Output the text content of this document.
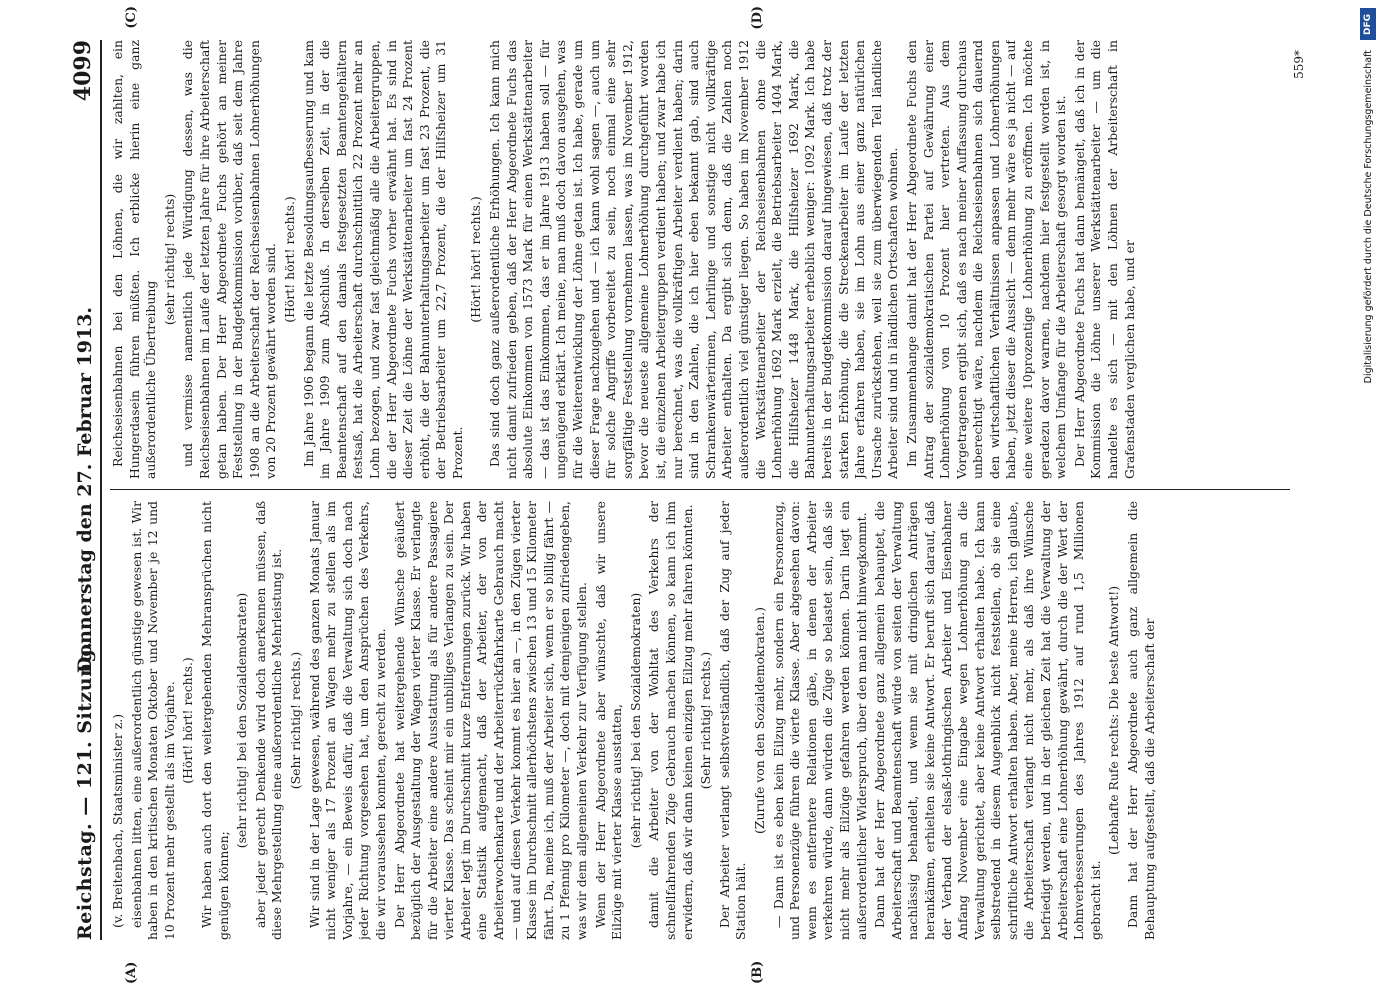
Reichstag. — 121. Sitzung.
Donnerstag den 27. Februar 1913.
4099
(A)	(B)
(C)	(D)

(v. Breitenbach, Staatsminister z.) eisenbahnen litten, eine außerordentlich günstige gewesen ist. Wir haben in den kritischen Monaten Oktober und November je 12 und 10 Prozent mehr gestellt als im Vorjahre. (Hört! hört! rechts.) Wir haben auch dort den weitergehenden Mehransprüchen nicht genügen können;

(sehr richtig! bei den Sozialdemokraten) aber jeder gerecht Denkende wird doch anerkennen müssen, daß diese Mehrgestellung eine außerordentliche Mehrleistung ist. (Sehr richtig! rechts.) Wir sind in der Lage gewesen, während des ganzen Monats Januar nicht weniger als 17 Prozent an Wagen mehr zu stellen als im Vorjahre, — ein Beweis dafür, daß die Verwaltung sich doch nach jeder Richtung vorgesehen hat, um den Ansprüchen des Verkehrs, die wir voraussehen konnten, gerecht zu werden. Der Herr Abgeordnete hat weitergehende Wünsche geäußert bezüglich der Ausgestaltung der Wagen vierter Klasse. Er verlangte für die Arbeiter eine andere Ausstattung als für andere Passagiere vierter Klasse. Das scheint mir ein unbilliges Verlangen zu sein. Der Arbeiter legt im Durchschnitt kurze Entfernungen zurück. Wir haben eine Statistik aufgemacht, daß der Arbeiter, der von der Arbeiterwochenkarte und der Arbeiterrückfahrkarte Gebrauch macht — und auf diesen Verkehr kommt es hier an —, in den Zügen vierter Klasse im Durchschnitt allerhöchstens zwischen 13 und 15 Kilometer fährt. Da, meine ich, muß der Arbeiter sich, wenn er so billig fährt — zu 1 Pfennig pro Kilometer —, doch mit demjenigen zufriedengeben, was wir dem allgemeinen Verkehr zur Verfügung stellen. Wenn der Herr Abgeordnete aber wünschte, daß wir unsere Eilzüge mit vierter Klasse ausstatten, (sehr richtig! bei den Sozialdemokraten) damit die Arbeiter von der Wohltat des Verkehrs der schnellfahrenden Züge Gebrauch machen können, so kann ich ihm erwidern, daß wir dann keinen einzigen Eilzug mehr fahren könnten. (Sehr richtig! rechts.) Der Arbeiter verlangt selbstverständlich, daß der Zug auf jeder Station hält.

(Zurufe von den Sozialdemokraten.) — Dann ist es eben kein Eilzug mehr, sondern ein Personenzug, und Personenzüge führen die vierte Klasse. Aber abgesehen davon: wenn es entferntere Relationen gäbe, in denen der Arbeiter verkehren würde, dann würden die Züge so belastet sein, daß sie nicht mehr als Eilzüge gefahren werden können. Darin liegt ein außerordentlicher Widerspruch, über den man nicht hinwegkommt. Dann hat der Herr Abgeordnete ganz allgemein behauptet, die Arbeiterschaft und Beamtenschaft würde von seiten der Verwaltung nachlässig behandelt, und wenn sie mit dringlichen Anträgen herankämen, erhielten sie keine Antwort. Er beruft sich darauf, daß der Verband der elsaß-lothringischen Arbeiter und Eisenbahner Anfang November eine Eingabe wegen Lohnerhöhung an die Verwaltung gerichtet, aber keine Antwort erhalten habe. Ich kann selbstredend in diesem Augenblick nicht feststellen, ob sie eine schriftliche Antwort erhalten haben. Aber, meine Herren, ich glaube, die Arbeiterschaft verlangt nicht mehr, als daß ihre Wünsche befriedigt werden, und in der gleichen Zeit hat die Verwaltung der Arbeiterschaft eine Lohnerhöhung gewährt, durch die der Wert der Lohnverbesserungen des Jahres 1912 auf rund 1,5 Millionen gebracht ist.

(Lebhafte Rufe rechts: Die beste Antwort!) Dann hat der Herr Abgeordnete auch ganz allgemein die Behauptung aufgestellt, daß die Arbeiterschaft der

Reichseisenbahnen bei den Löhnen, die wir zahlten, ein Hungerdasein führen müßten. Ich erblicke hierin eine ganz außerordentliche Übertreibung

(sehr richtig! rechts) und vermisse namentlich jede Würdigung dessen, was die Reichseisenbahnen im Laufe der letzten Jahre für ihre Arbeiterschaft getan haben. Der Herr Abgeordnete Fuchs gehört an meiner Feststellung in der Budgetkommission vorüber, daß seit dem Jahre 1908 an die Arbeiterschaft der Reichseisenbahnen Lohnerhöhungen von 20 Prozent gewährt worden sind. (Hört! hört! rechts.) Im Jahre 1906 begann die letzte Besoldungsaufbesserung und kam im Jahre 1909 zum Abschluß. In derselben Zeit, in der die Beamtenschaft auf den damals festgesetzten Beamtengehältern festsaß, hat die Arbeiterschaft durchschnittlich 22 Prozent mehr an Lohn bezogen, und zwar fast gleichmäßig alle die Arbeitergruppen, die der Herr Abgeordnete Fuchs vorher erwähnt hat. Es sind in dieser Zeit die Löhne der Werkstättenarbeiter um fast 24 Prozent erhöht, die der Bahnunterhaltungsarbeiter um fast 23 Prozent, die der Betriebsarbeiter um 22,7 Prozent, die der Hilfsheizer um 31 Prozent.

(Hört! hört! rechts.) Das sind doch ganz außerordentliche Erhöhungen. Ich kann mich nicht damit zufrieden geben, daß der Herr Abgeordnete Fuchs das absolute Einkommen von 1573 Mark für einen Werkstättenarbeiter — das ist das Einkommen, das er im Jahre 1913 haben soll — für ungenügend erklärt. Ich meine, man muß doch davon ausgehen, was für die Weiterentwicklung der Löhne getan ist. Ich habe, gerade um dieser Frage nachzugehen und — ich kann wohl sagen —, auch um für solche Angriffe vorbereitet zu sein, noch einmal eine sehr sorgfältige Feststellung vornehmen lassen, was im November 1912, bevor die neueste allgemeine Lohnerhöhung durchgeführt worden ist, die einzelnen Arbeitergruppen verdient haben; und zwar habe ich nur berechnet, was die vollkräftigen Arbeiter verdient haben; darin sind in den Zahlen, die ich hier eben bekannt gab, sind auch Schrankenwärterinnen, Lehrlinge und sonstige nicht vollkräftige Arbeiter enthalten. Da ergibt sich denn, daß die Zahlen noch außerordentlich viel günstiger liegen. So haben im November 1912 die Werkstättenarbeiter der Reichseisenbahnen ohne die Lohnerhöhung 1692 Mark erzielt, die Betriebsarbeiter 1404 Mark, die Hilfsheizer 1448 Mark, die Hilfsheizer 1692 Mark, die Bahnunterhaltungsarbeiter erheblich weniger: 1092 Mark. Ich habe bereits in der Budgetkommission darauf hingewiesen, daß trotz der starken Erhöhung, die die Streckenarbeiter im Laufe der letzten Jahre erfahren haben, sie im Lohn aus einer ganz natürlichen Ursache zurückstehen, weil sie zum überwiegenden Teil ländliche Arbeiter sind und in ländlichen Ortschaften wohnen. Im Zusammenhange damit hat der Herr Abgeordnete Fuchs den Antrag der sozialdemokratischen Partei auf Gewährung einer Lohnerhöhung von 10 Prozent hier vertreten. Aus dem Vorgetragenen ergibt sich, daß es nach meiner Auffassung durchaus unberechtigt wäre, nachdem die Reichseisenbahnen sich dauernd den wirtschaftlichen Verhältnissen anpassen und Lohnerhöhungen haben, jetzt dieser die Aussicht — denn mehr wäre es ja nicht — auf eine weitere 10prozentige Lohnerhöhung zu eröffnen. Ich möchte geradezu davor warnen, nachdem hier festgestellt worden ist, in welchem Umfange für die Arbeiterschaft gesorgt worden ist. Der Herr Abgeordnete Fuchs hat dann bemängelt, daß ich in der Kommission die Löhne unserer Werkstättenarbeiter — um die handelte es sich — mit den Löhnen der Arbeiterschaft in Grafenstaden verglichen habe, und er

559*
DFG
Digitalisierung gefördert durch die Deutsche Forschungsgemeinschaft
